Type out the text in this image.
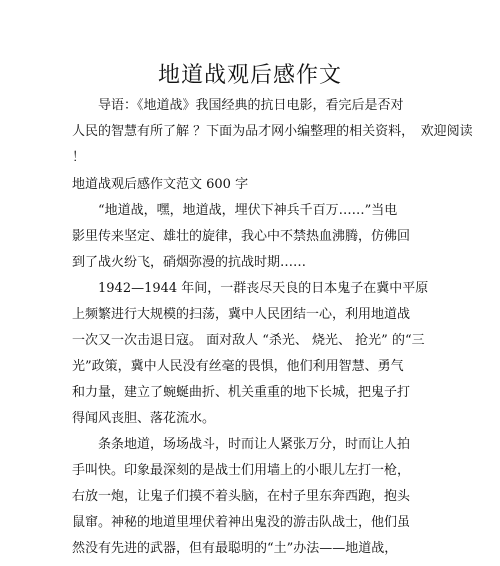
地道战观后感作文
　　导语：《地道战》我国经典的抗日电影，看完后是否对
人民的智慧有所了解 ？下面为品才网小编整理的相关资料，　欢迎阅读
！
地道战观后感作文范文 600 字
　　“地道战，嘿，地道战，埋伏下神兵千百万……”当电
影里传来坚定、雄壮的旋律，我心中不禁热血沸腾，仿佛回
到了战火纷飞，硝烟弥漫的抗战时期……
　　1942—1944 年间，一群丧尽天良的日本鬼子在冀中平原
上频繁进行大规模的扫荡，冀中人民团结一心，利用地道战
一次又一次击退日寇。 面对敌人 “杀光、 烧光、 抢光” 的“三
光”政策，冀中人民没有丝毫的畏惧，他们利用智慧、勇气
和力量，建立了蜿蜒曲折、机关重重的地下长城，把鬼子打
得闻风丧胆、落花流水。
　　条条地道，场场战斗，时而让人紧张万分，时而让人拍
手叫快。印象最深刻的是战士们用墙上的小眼儿左打一枪，
右放一炮，让鬼子们摸不着头脑，在村子里东奔西跑，抱头
鼠窜。神秘的地道里埋伏着神出鬼没的游击队战士，他们虽
然没有先进的武器，但有最聪明的“土”办法——地道战，
